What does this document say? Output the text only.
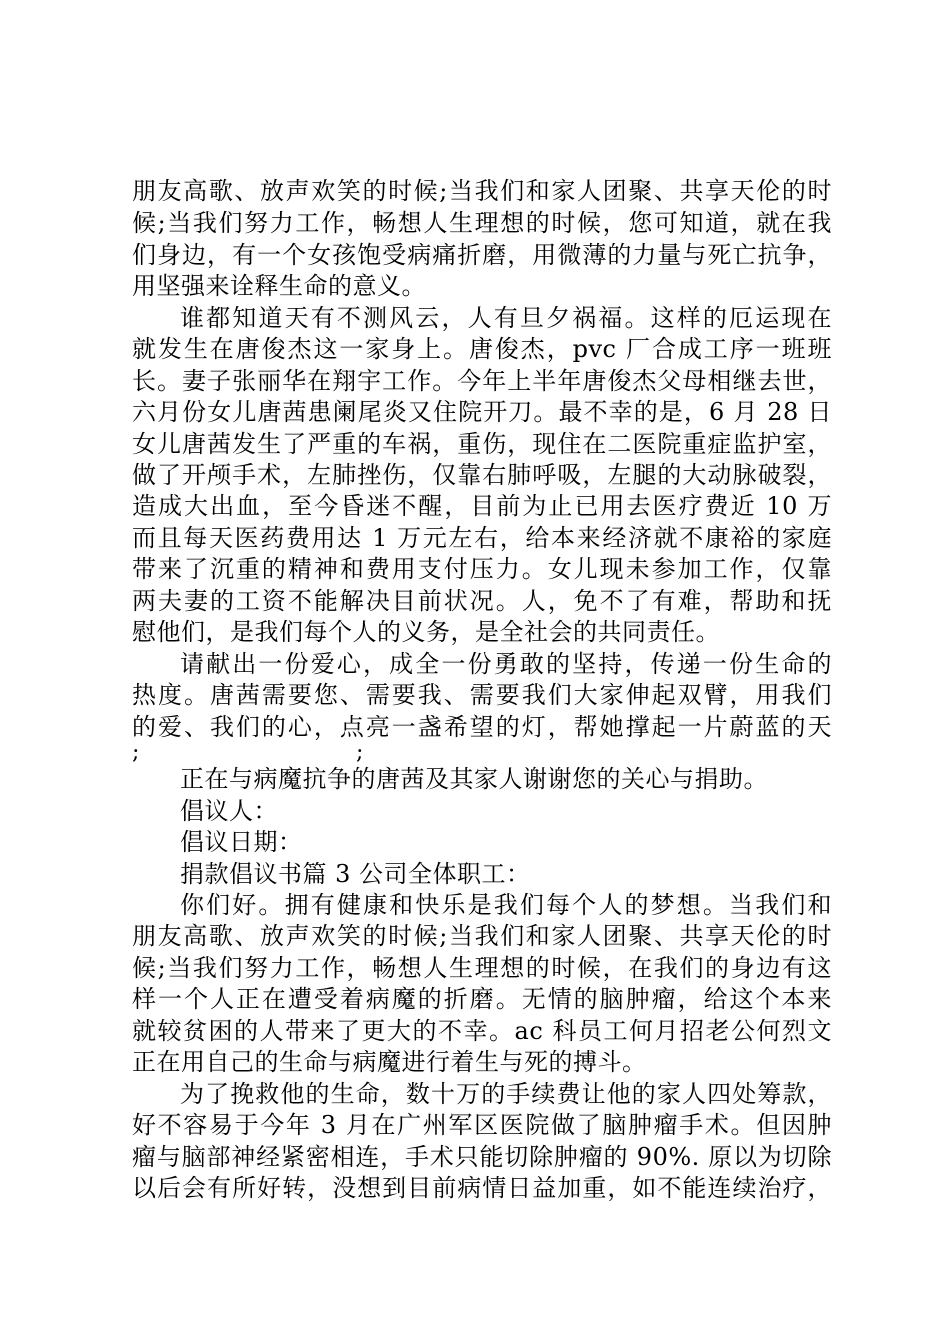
朋友高歌、放声欢笑的时候;当我们和家人团聚、共享天伦的时
候;当我们努力工作，畅想人生理想的时候，您可知道，就在我
们身边，有一个女孩饱受病痛折磨，用微薄的力量与死亡抗争，
用坚强来诠释生命的意义。
谁都知道天有不测风云，人有旦夕祸福。这样的厄运现在
就发生在唐俊杰这一家身上。唐俊杰，pvc 厂合成工序一班班
长。妻子张丽华在翔宇工作。今年上半年唐俊杰父母相继去世，
六月份女儿唐茜患阑尾炎又住院开刀。最不幸的是，6 月 28 日
女儿唐茜发生了严重的车祸，重伤，现住在二医院重症监护室，
做了开颅手术，左肺挫伤，仅靠右肺呼吸，左腿的大动脉破裂，
造成大出血，至今昏迷不醒，目前为止已用去医疗费近 10 万
而且每天医药费用达 1 万元左右，给本来经济就不康裕的家庭
带来了沉重的精神和费用支付压力。女儿现未参加工作，仅靠
两夫妻的工资不能解决目前状况。人，免不了有难，帮助和抚
慰他们，是我们每个人的义务，是全社会的共同责任。
请献出一份爱心，成全一份勇敢的坚持，传递一份生命的
热度。唐茜需要您、需要我、需要我们大家伸起双臂，用我们
的爱、我们的心，点亮一盏希望的灯，帮她撑起一片蔚蓝的天
;	;
正在与病魔抗争的唐茜及其家人谢谢您的关心与捐助。
倡议人：
倡议日期：
捐款倡议书篇 3 公司全体职工：
你们好。拥有健康和快乐是我们每个人的梦想。当我们和
朋友高歌、放声欢笑的时候;当我们和家人团聚、共享天伦的时
候;当我们努力工作，畅想人生理想的时候，在我们的身边有这
样一个人正在遭受着病魔的折磨。无情的脑肿瘤，给这个本来
就较贫困的人带来了更大的不幸。ac 科员工何月招老公何烈文
正在用自己的生命与病魔进行着生与死的搏斗。
为了挽救他的生命，数十万的手续费让他的家人四处筹款，
好不容易于今年 3 月在广州军区医院做了脑肿瘤手术。但因肿
瘤与脑部神经紧密相连，手术只能切除肿瘤的 90%. 原以为切除
以后会有所好转，没想到目前病情日益加重，如不能连续治疗，
